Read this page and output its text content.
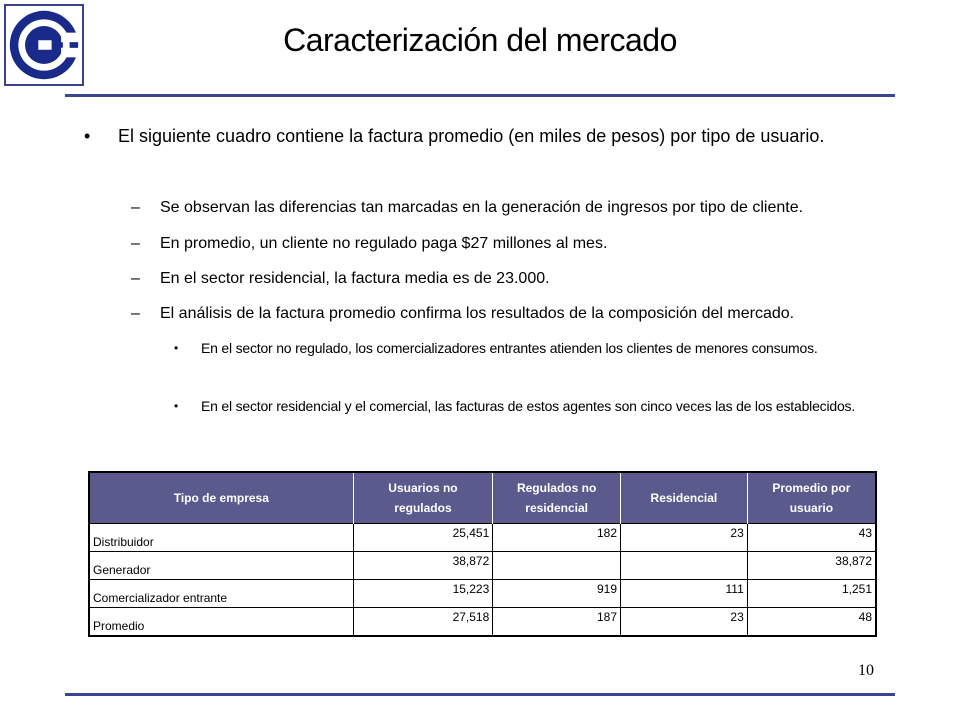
Caracterización del mercado
• El siguiente cuadro contiene la factura promedio (en miles de pesos) por tipo de usuario.
– Se observan las diferencias tan marcadas en la generación de ingresos por tipo de cliente.
– En promedio, un cliente no regulado paga $27 millones al mes.
– En el sector residencial, la factura media es de 23.000.
– El análisis de la factura promedio confirma los resultados de la composición del mercado.
• En el sector no regulado, los comercializadores entrantes atienden los clientes de menores consumos.
• En el sector residencial y el comercial, las facturas de estos agentes son cinco veces las de los establecidos.
Tipo de empresa	Usuarios no regulados	Regulados no residencial	Residencial	Promedio por usuario
Distribuidor	25,451	182	23	43
Generador	38,872			38,872
Comercializador entrante	15,223	919	111	1,251
Promedio	27,518	187	23	48
10
